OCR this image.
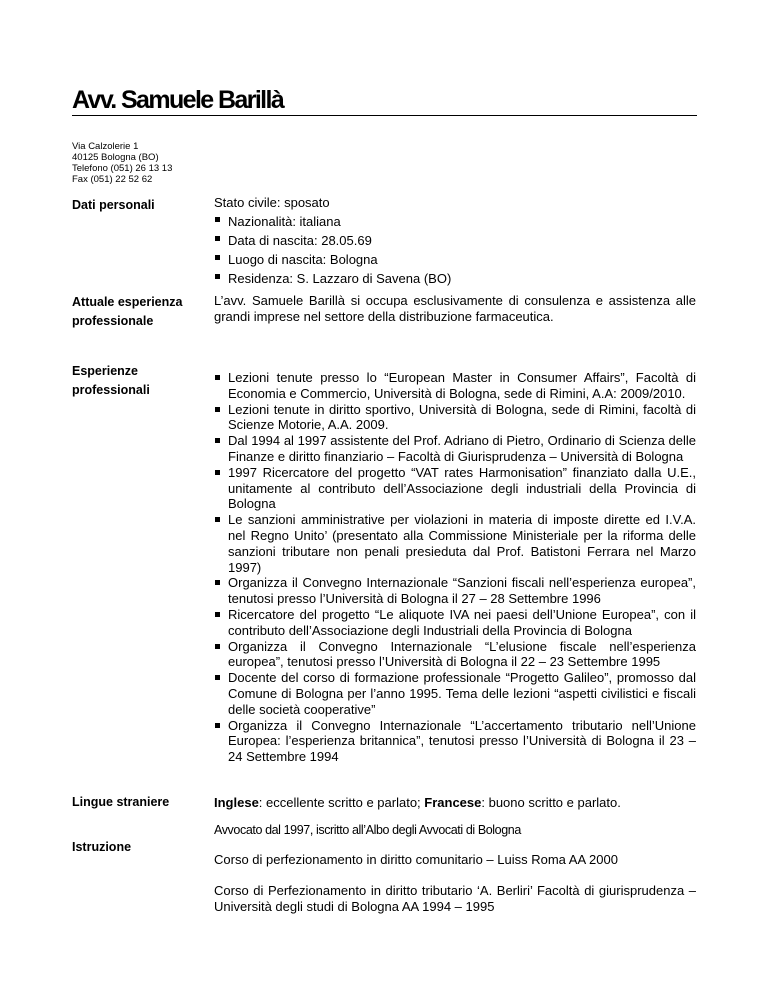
Avv. Samuele Barillà
Via Calzolerie 1
40125 Bologna (BO)
Telefono (051) 26 13 13
Fax (051) 22 52 62
Dati personali	Stato civile: sposato

Nazionalità: italiana
Data di nascita: 28.05.69
Luogo di nascita: Bologna
Residenza: S. Lazzaro di Savena (BO)
Attuale esperienza
professionale
L’avv. Samuele Barillà si occupa esclusivamente di consulenza e assistenza alle grandi imprese nel settore della distribuzione farmaceutica.
Esperienze
professionali
Lezioni tenute presso lo “European Master in Consumer Affairs”, Facoltà di Economia e Commercio, Università di Bologna, sede di Rimini, A.A: 2009/2010.
Lezioni tenute in diritto sportivo, Università di Bologna, sede di Rimini, facoltà di Scienze Motorie, A.A. 2009.
Dal 1994 al 1997 assistente del Prof. Adriano di Pietro, Ordinario di Scienza delle Finanze e diritto finanziario – Facoltà di Giurisprudenza – Università di Bologna
1997 Ricercatore del progetto “VAT rates Harmonisation” finanziato dalla U.E., unitamente al contributo dell’Associazione degli industriali della Provincia di Bologna
Le sanzioni amministrative per violazioni in materia di imposte dirette ed I.V.A. nel Regno Unito’ (presentato alla Commissione Ministeriale per la riforma delle sanzioni tributare non penali presieduta dal Prof. Batistoni Ferrara nel Marzo 1997)
Organizza il Convegno Internazionale “Sanzioni fiscali nell’esperienza europea”, tenutosi presso l’Università di Bologna il 27 – 28 Settembre 1996
Ricercatore del progetto “Le aliquote IVA nei paesi dell’Unione Europea”, con il contributo dell’Associazione degli Industriali della Provincia di Bologna
Organizza il Convegno Internazionale “L’elusione fiscale nell’esperienza europea”, tenutosi presso l’Università di Bologna il 22 – 23 Settembre 1995
Docente del corso di formazione professionale “Progetto Galileo”, promosso dal Comune di Bologna per l’anno 1995. Tema delle lezioni “aspetti civilistici e fiscali delle società cooperative”
Organizza il Convegno Internazionale “L’accertamento tributario nell’Unione Europea: l’esperienza britannica”, tenutosi presso l’Università di Bologna il 23 – 24 Settembre 1994
Lingue straniere	Inglese: eccellente scritto e parlato; Francese: buono scritto e parlato.
Istruzione
Avvocato dal 1997, iscritto all’Albo degli Avvocati di Bologna
Corso di perfezionamento in diritto comunitario – Luiss Roma AA 2000
Corso di Perfezionamento in diritto tributario ‘A. Berliri’ Facoltà di giurisprudenza – Università degli studi di Bologna AA 1994 – 1995
